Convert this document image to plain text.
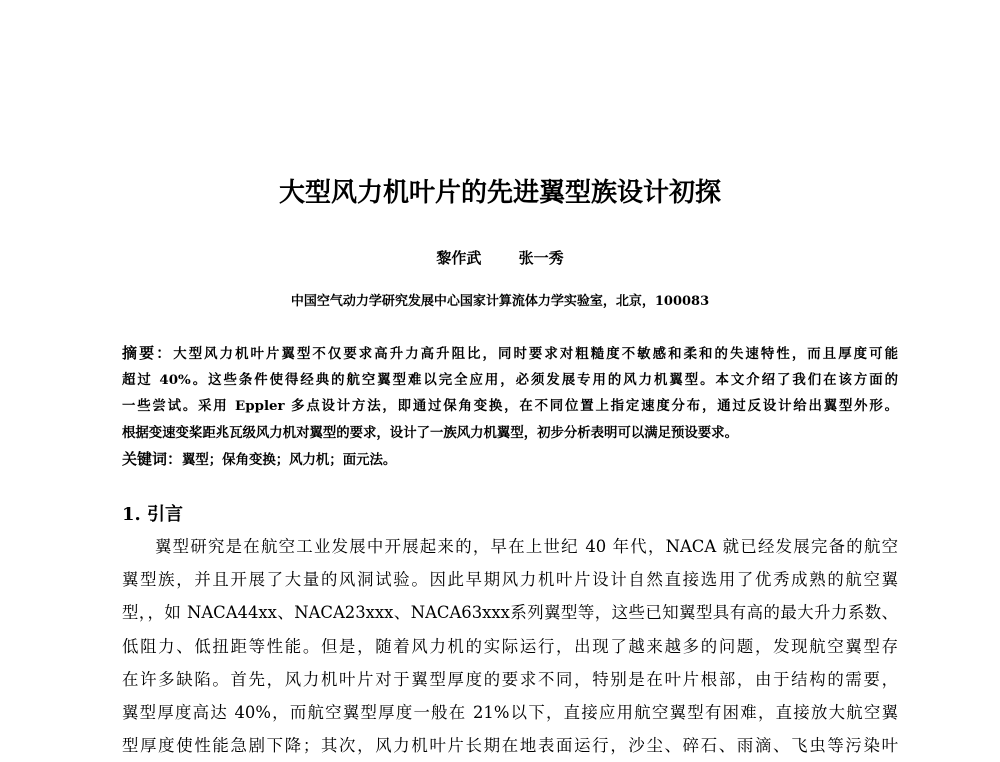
大型风力机叶片的先进翼型族设计初探
黎作武 张一秀
中国空气动力学研究发展中心国家计算流体力学实验室，北京，100083
摘要：大型风力机叶片翼型不仅要求高升力高升阻比，同时要求对粗糙度不敏感和柔和的失速特性，而且厚度可能
超过 40%。这些条件使得经典的航空翼型难以完全应用，必须发展专用的风力机翼型。本文介绍了我们在该方面的
一些尝试。采用 Eppler 多点设计方法，即通过保角变换，在不同位置上指定速度分布，通过反设计给出翼型外形。
根据变速变桨距兆瓦级风力机对翼型的要求，设计了一族风力机翼型，初步分析表明可以满足预设要求。
关键词：翼型；保角变换；风力机；面元法。
1. 引言
翼型研究是在航空工业发展中开展起来的，早在上世纪 40 年代，NACA 就已经发展完备的航空
翼型族，并且开展了大量的风洞试验。因此早期风力机叶片设计自然直接选用了优秀成熟的航空翼
型，，如 NACA44xx、NACA23xxx、NACA63xxx系列翼型等，这些已知翼型具有高的最大升力系数、
低阻力、低扭距等性能。但是，随着风力机的实际运行，出现了越来越多的问题，发现航空翼型存
在许多缺陷。首先，风力机叶片对于翼型厚度的要求不同，特别是在叶片根部，由于结构的需要，
翼型厚度高达 40%，而航空翼型厚度一般在 21%以下，直接应用航空翼型有困难，直接放大航空翼
型厚度使性能急剧下降；其次，风力机叶片长期在地表面运行，沙尘、碎石、雨滴、飞虫等污染叶
